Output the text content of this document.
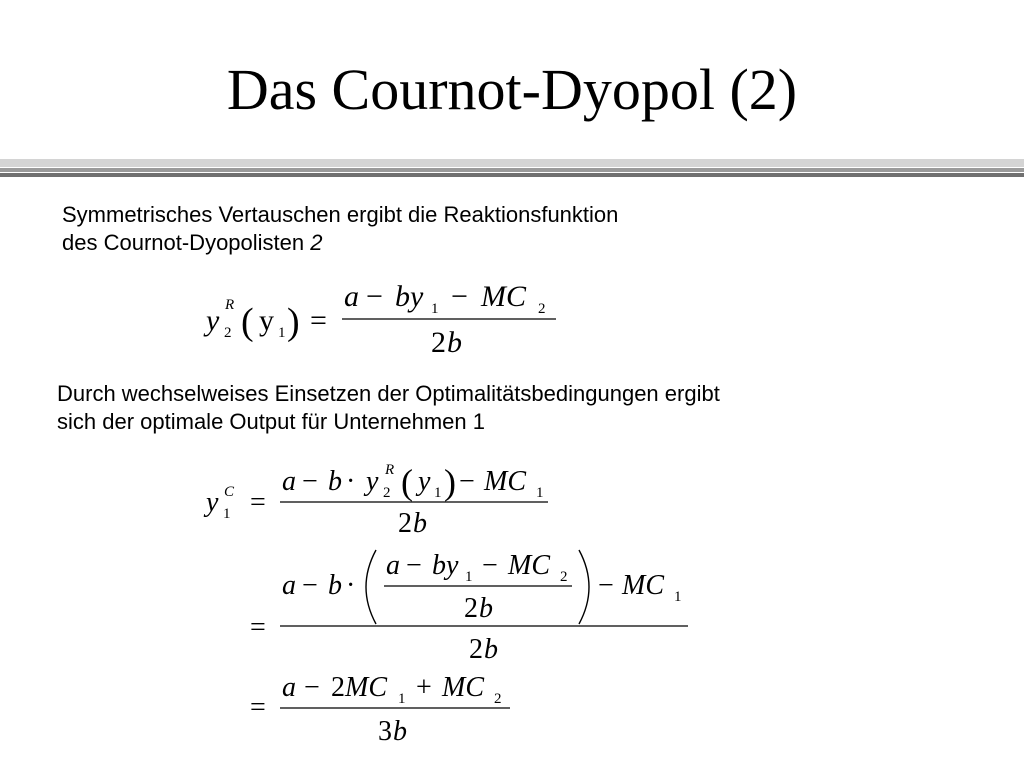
Das Cournot-Dyopol (2)
Symmetrisches Vertauschen ergibt die Reaktionsfunktion
des Cournot-Dyopolisten 2
Durch wechselweises Einsetzen der Optimalitätsbedingungen ergibt
sich der optimale Output für Unternehmen 1
y 2
R ( y 1 ) =
a − by 1 − MC 2
2 b
y 1
C =
a − b · y 2
R ( y 1 ) − MC 1
2 b
=
a − b ·
a − by 1 − MC 2
2 b
− MC 1
2 b
=
a − 2 MC 1 + MC 2
3 b
